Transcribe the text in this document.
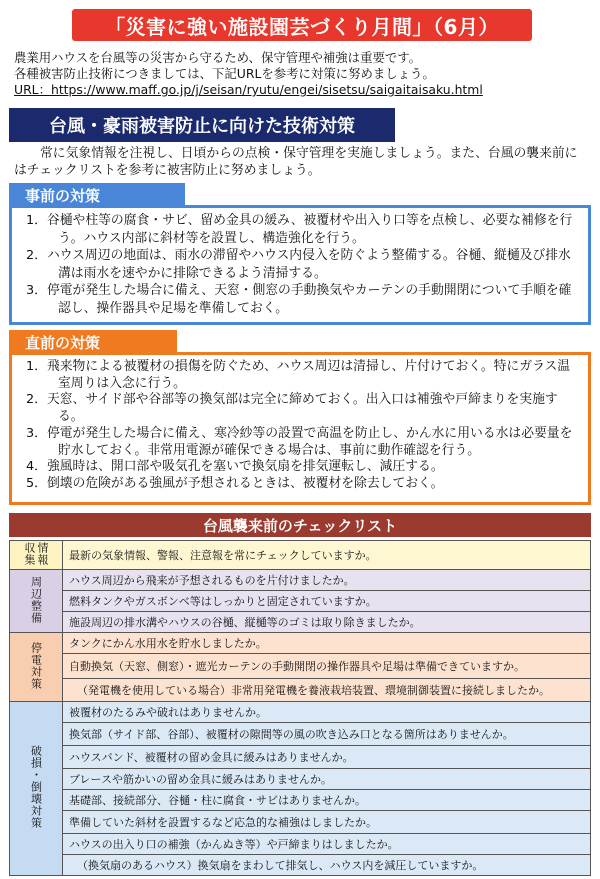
「災害に強い施設園芸づくり月間」（6月）
農業用ハウスを台風等の災害から守るため、保守管理や補強は重要です。
各種被害防止技術につきましては、下記URLを参考に対策に努めましょう。
URL：https://www.maff.go.jp/j/seisan/ryutu/engei/sisetsu/saigaitaisaku.html
台風・豪雨被害防止に向けた技術対策
常に気象情報を注視し、日頃からの点検・保守管理を実施しましょう。また、台風の襲来前にはチェックリストを参考に被害防止に努めましょう。
事前の対策
1．谷樋や柱等の腐食・サビ、留め金具の緩み、被覆材や出入り口等を点検し、必要な補修を行う。ハウス内部に斜材等を設置し、構造強化を行う。
2．ハウス周辺の地面は、雨水の滞留やハウス内侵入を防ぐよう整備する。谷樋、縦樋及び排水溝は雨水を速やかに排除できるよう清掃する。
3．停電が発生した場合に備え、天窓・側窓の手動換気やカーテンの手動開閉について手順を確認し、操作器具や足場を準備しておく。
直前の対策
1．飛来物による被覆材の損傷を防ぐため、ハウス周辺は清掃し、片付けておく。特にガラス温室周りは入念に行う。
2．天窓、サイド部や谷部等の換気部は完全に締めておく。出入口は補強や戸締まりを実施する。
3．停電が発生した場合に備え、寒冷紗等の設置で高温を防止し、かん水に用いる水は必要量を貯水しておく。非常用電源が確保できる場合は、事前に動作確認を行う。
4．強風時は、開口部や吸気孔を塞いで換気扇を排気運転し、減圧する。
5．倒壊の危険がある強風が予想されるときは、被覆材を除去しておく。
台風襲来前のチェックリスト
情報収集	最新の気象情報、警報、注意報を常にチェックしていますか。
周辺整備	ハウス周辺から飛来が予想されるものを片付けましたか。
	燃料タンクやガスボンベ等はしっかりと固定されていますか。
	施設周辺の排水溝やハウスの谷樋、縦樋等のゴミは取り除きましたか。
停電対策	タンクにかん水用水を貯水しましたか。
	自動換気（天窓、側窓）・遮光カーテンの手動開閉の操作器具や足場は準備できていますか。
	（発電機を使用している場合）非常用発電機を養液栽培装置、環境制御装置に接続しましたか。
破損・倒壊対策	被覆材のたるみや破れはありませんか。
	換気部（サイド部、谷部）、被覆材の隙間等の風の吹き込み口となる箇所はありませんか。
	ハウスバンド、被覆材の留め金具に緩みはありませんか。
	ブレースや筋かいの留め金具に緩みはありませんか。
	基礎部、接続部分、谷樋・柱に腐食・サビはありませんか。
	準備していた斜材を設置するなど応急的な補強はしましたか。
	ハウスの出入り口の補強（かんぬき等）や戸締まりはしましたか。
	（換気扇のあるハウス）換気扇をまわして排気し、ハウス内を減圧していますか。
